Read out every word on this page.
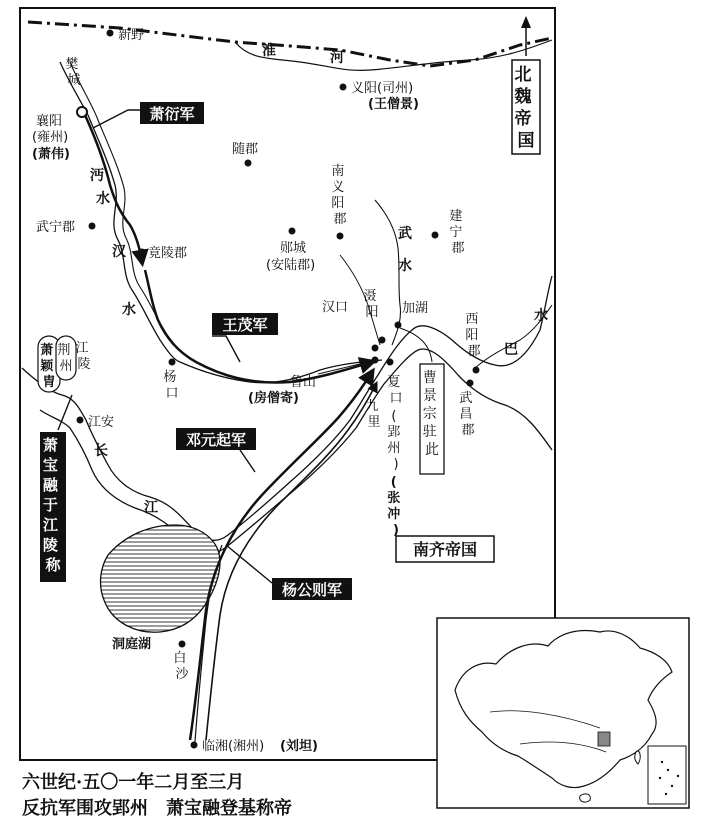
北 魏 帝 国
南齐帝国
萧衍军
王茂军
邓元起军
杨公则军
萧 宝 融 于 江 陵 称
曹 景 宗 驻 此
萧 颖 胄
荆 州
江 陵
新野
樊 城
襄阳
(雍州)
(萧伟)
义阳(司州)
(王僧景)
随郡
南 义 阳 郡
武宁郡
竟陵郡	郧城
(安陆郡)
建 宁 郡
汉口
滠 阳 加湖
西 阳 郡
杨 口
鲁山
(房僧寄)
夏 口
( 郢 州 )
( 张 冲 )
九 里
武 昌 郡
江安
洞庭湖
白 沙
临湘(湘州) (刘坦)
淮	河
沔
水
汉
水
武
水
巴
水
长
江
六世纪·五〇一年二月至三月
反抗军围攻郢州　萧宝融登基称帝
